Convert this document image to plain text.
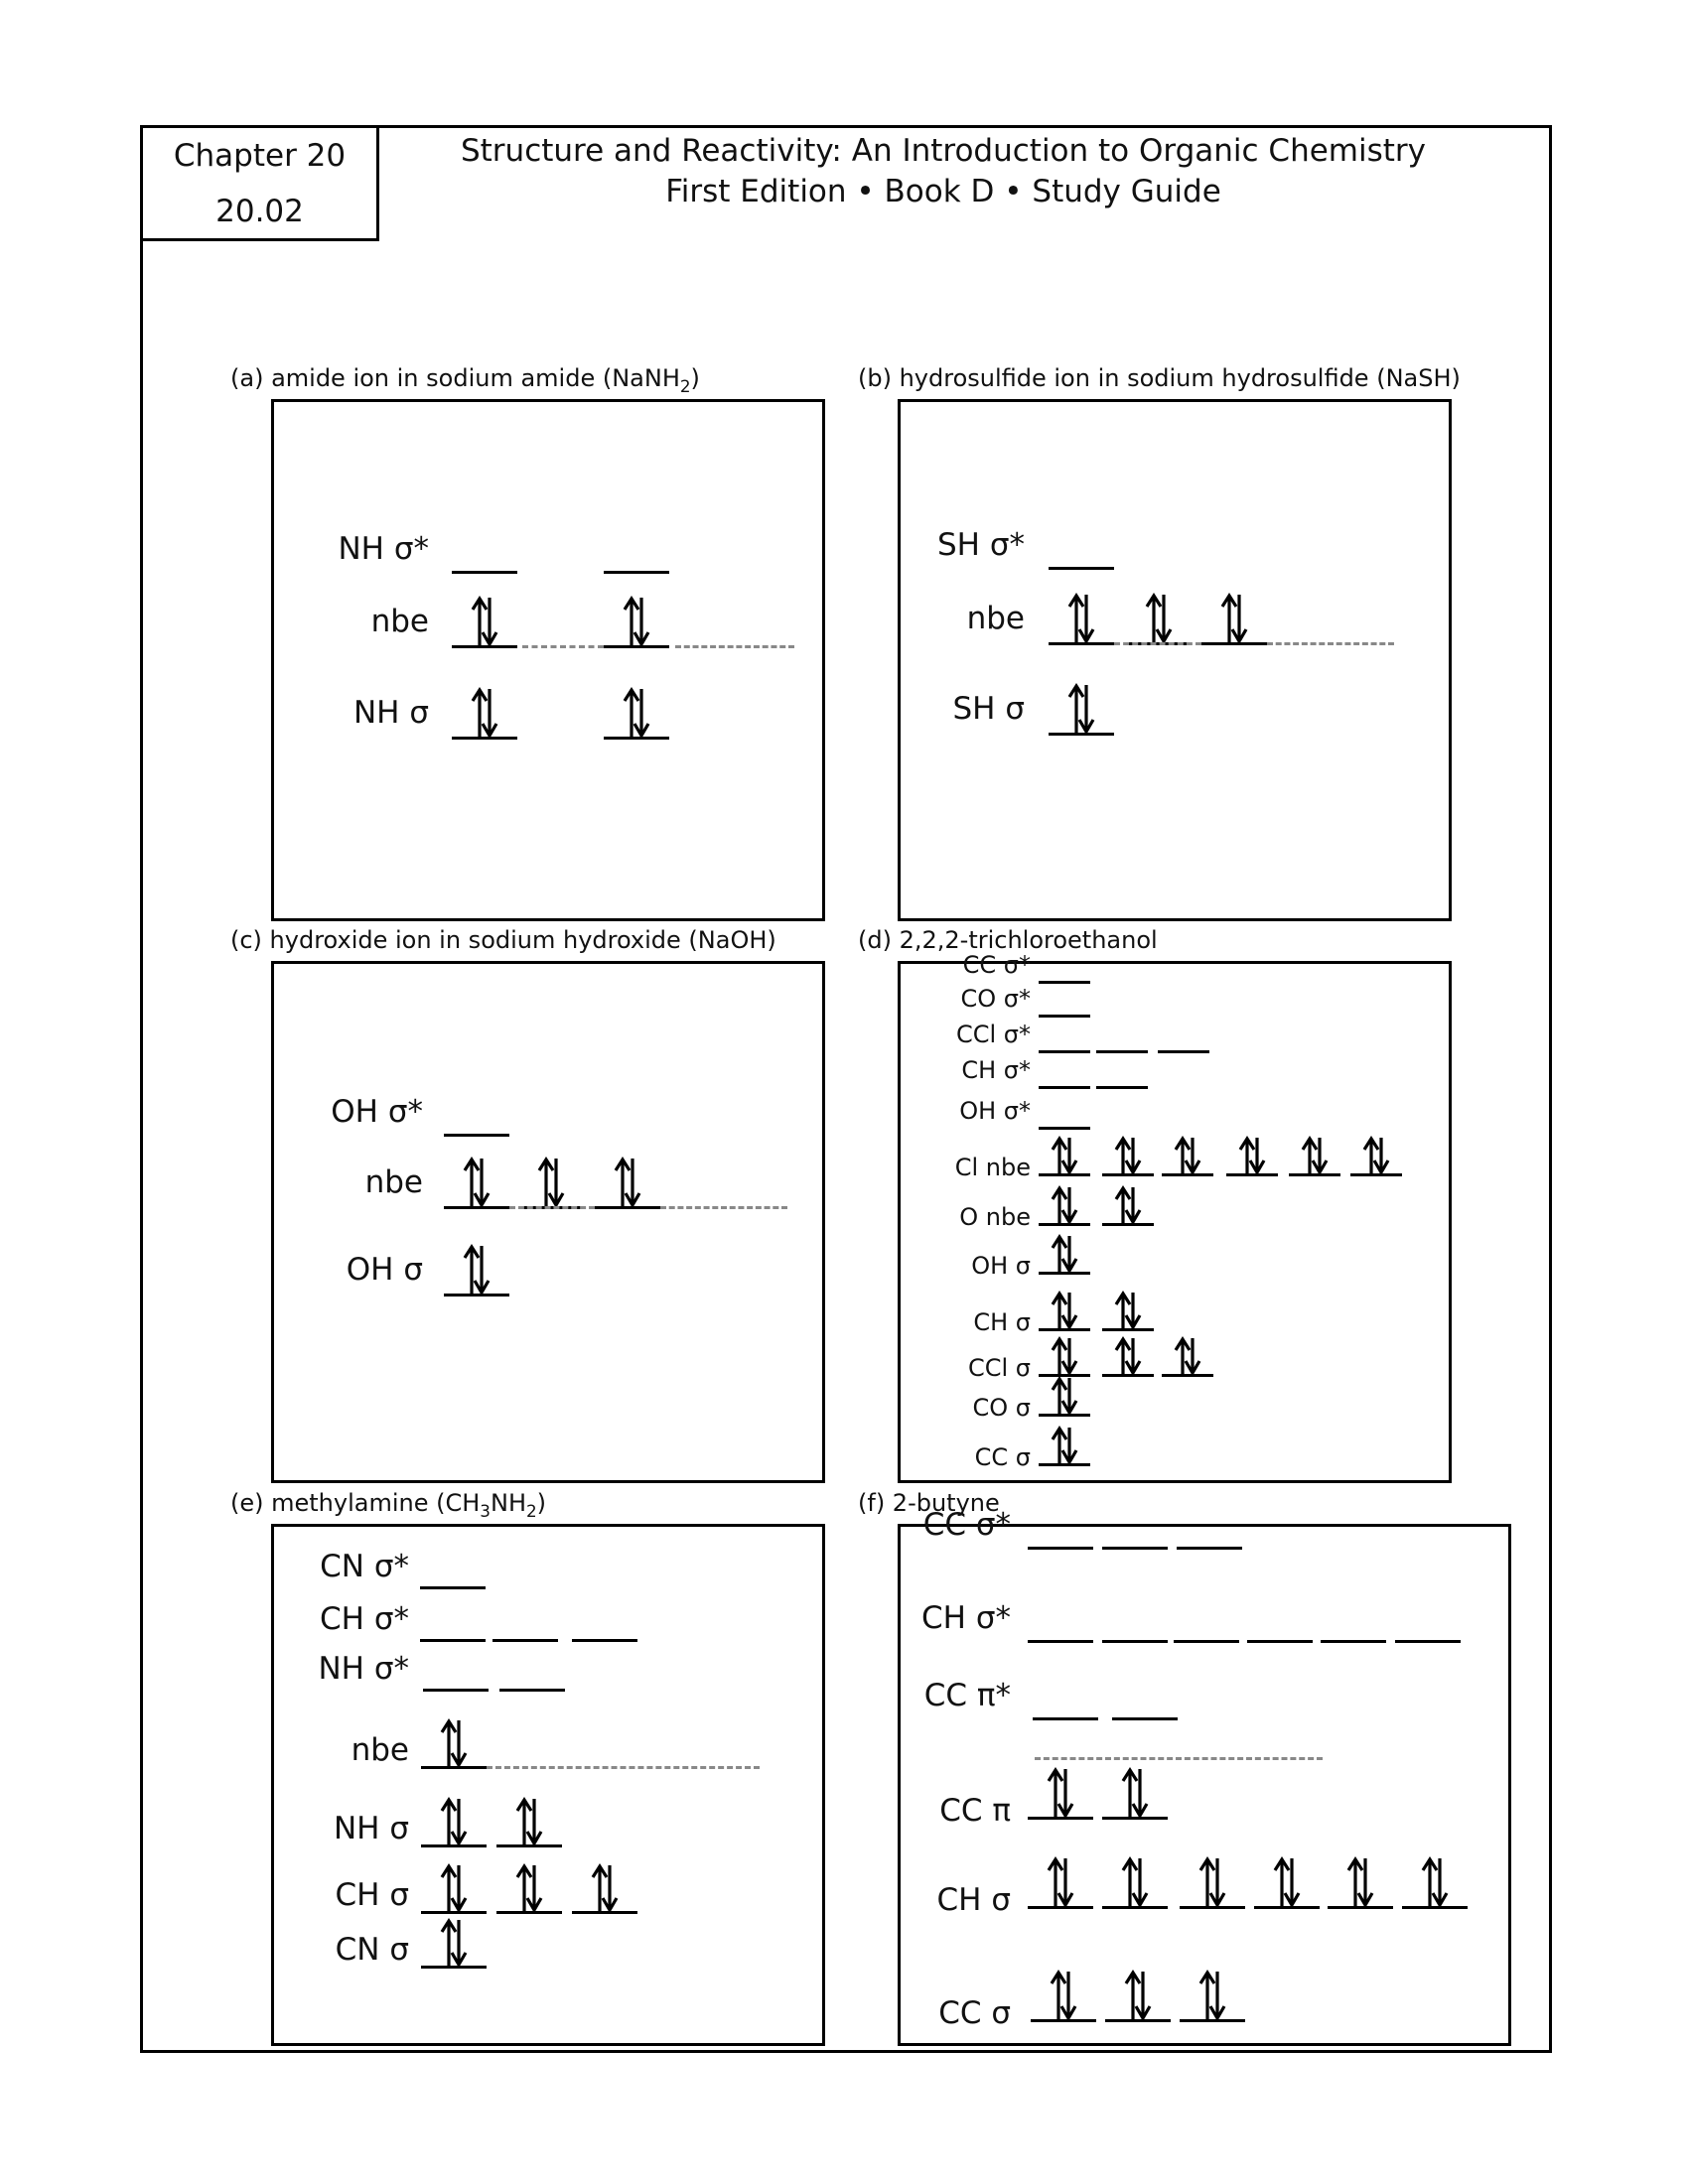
Chapter 20
20.02
Structure and Reactivity: An Introduction to Organic Chemistry
First Edition • Book D • Study Guide
(a) amide ion in sodium amide (NaNH$_2$)	(b) hydrosulfide ion in sodium hydrosulfide (NaSH)
(c) hydroxide ion in sodium hydroxide (NaOH)	(d) 2,2,2-trichloroethanol
(e) methylamine $(CH_3NH_2)$	(f) 2-butyne
NH σ*
nbe
NH σ
SH σ*
nbe
SH σ
OH σ*
nbe
OH σ
CC σ*
CO σ*
CCl σ*
CH σ*
OH σ*
Cl nbe
O nbe
OH σ
CH σ
CCl σ
CO σ
CC σ
CN σ*
CH σ*
NH σ*
nbe
NH σ
CH σ
CN σ
CC σ*
CH σ*
CC π*
CC π
CH σ
CC σ
